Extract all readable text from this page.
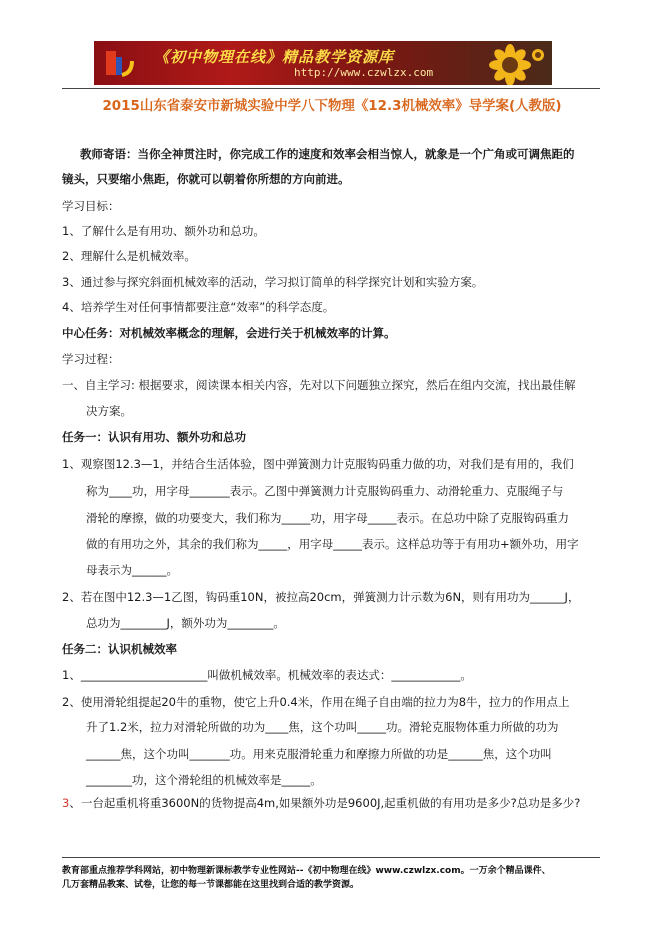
《初中物理在线》精品教学资源库
http://www.czwlzx.com
2015山东省泰安市新城实验中学八下物理《12.3机械效率》导学案(人教版)
教师寄语：当你全神贯注时，你完成工作的速度和效率会相当惊人，就象是一个广角或可调焦距的
镜头，只要缩小焦距，你就可以朝着你所想的方向前进。
学习目标：
1、了解什么是有用功、额外功和总功。
2、理解什么是机械效率。
3、通过参与探究斜面机械效率的活动，学习拟订简单的科学探究计划和实验方案。
4、培养学生对任何事情都要注意“效率”的科学态度。
中心任务：对机械效率概念的理解，会进行关于机械效率的计算。
学习过程：
一、自主学习: 根据要求，阅读课本相关内容，先对以下问题独立探究，然后在组内交流，找出最佳解
决方案。
任务一：认识有用功、额外功和总功
1、观察图12.3—1，并结合生活体验，图中弹簧测力计克服钩码重力做的功，对我们是有用的，我们
称为____功，用字母_______表示。乙图中弹簧测力计克服钩码重力、动滑轮重力、克服绳子与
滑轮的摩擦，做的功要变大，我们称为_____功，用字母_____表示。在总功中除了克服钩码重力
做的有用功之外，其余的我们称为_____，用字母_____表示。这样总功等于有用功+额外功，用字
母表示为______。
2、若在图中12.3—1乙图，钩码重10N，被拉高20cm，弹簧测力计示数为6N，则有用功为______J，
总功为________J，额外功为________。
任务二：认识机械效率
1、______________________叫做机械效率。机械效率的表达式：____________。
2、使用滑轮组提起20牛的重物，使它上升0.4米，作用在绳子自由端的拉力为8牛，拉力的作用点上
升了1.2米，拉力对滑轮所做的功为____焦，这个功叫_____功。滑轮克服物体重力所做的功为
______焦，这个功叫_______功。用来克服滑轮重力和摩擦力所做的功是______焦，这个功叫
________功，这个滑轮组的机械效率是_____。
3、一台起重机将重3600N的货物提高4m,如果额外功是9600J,起重机做的有用功是多少?总功是多少?
教育部重点推荐学科网站，初中物理新课标教学专业性网站--《初中物理在线》www.czwlzx.com。一万余个精品课件、
几万套精品教案、试卷，让您的每一节课都能在这里找到合适的教学资源。
